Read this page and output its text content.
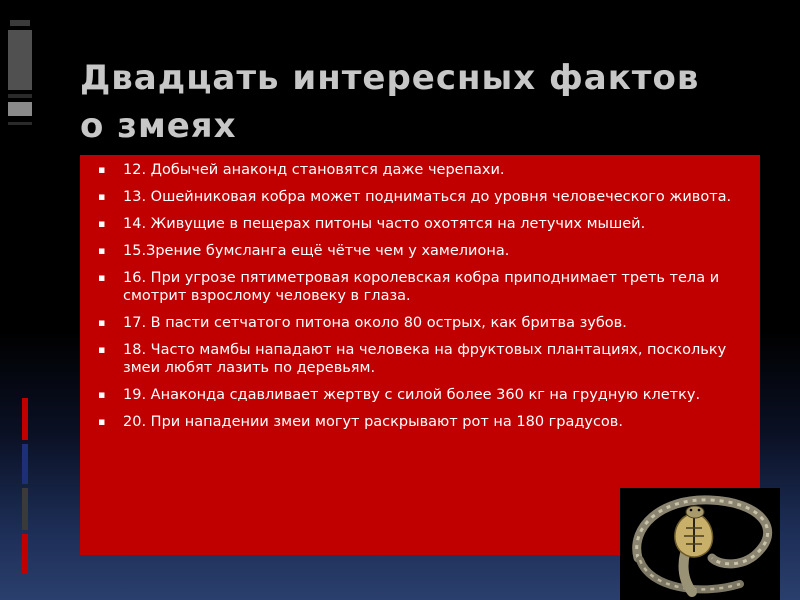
Двадцать интересных фактов
о змеях
▪ 12. Добычей анаконд становятся даже черепахи.
▪ 13. Ошейниковая кобра может подниматься до уровня человеческого живота.
▪ 14. Живущие в пещерах питоны часто охотятся на летучих мышей.
▪ 15.Зрение бумсланга ещё чётче чем у хамелиона.
▪ 16. При угрозе пятиметровая королевская кобра приподнимает треть тела и смотрит взрослому человеку в глаза.
▪ 17. В пасти сетчатого питона около 80 острых, как бритва зубов.
▪ 18. Часто мамбы нападают на человека на фруктовых плантациях, поскольку змеи любят лазить по деревьям.
▪ 19. Анаконда сдавливает жертву с силой более 360 кг на грудную клетку.
▪ 20. При нападении змеи могут раскрывают рот на 180 градусов.
